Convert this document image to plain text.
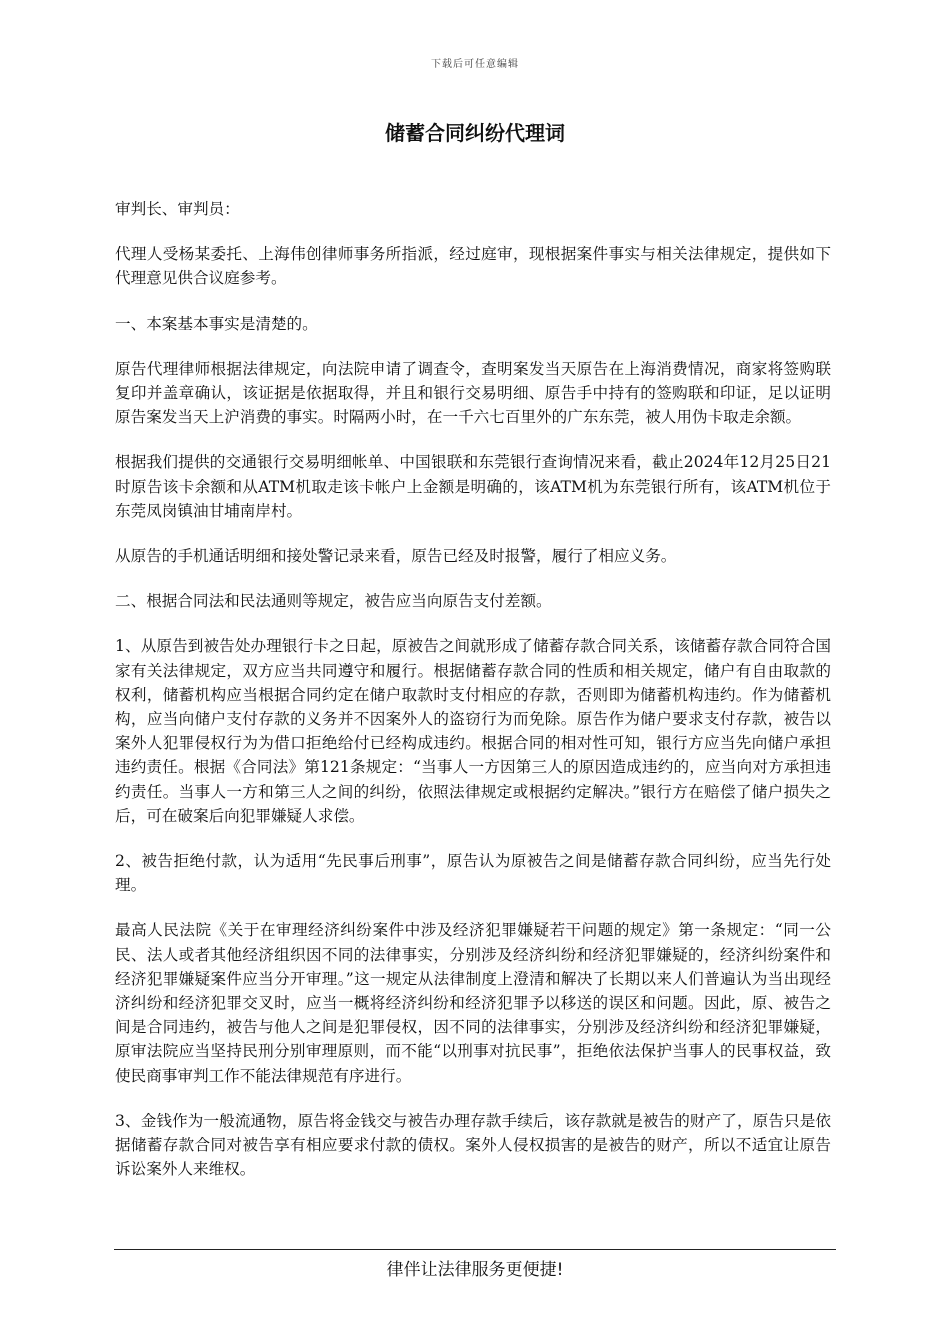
下载后可任意编辑
储蓄合同纠纷代理词

审判长、审判员：

代理人受杨某委托、上海伟创律师事务所指派，经过庭审，现根据案件事实与相关法律规定，提供如下代理意见供合议庭参考。

一、本案基本事实是清楚的。

原告代理律师根据法律规定，向法院申请了调查令，查明案发当天原告在上海消费情况，商家将签购联复印并盖章确认，该证据是依据取得，并且和银行交易明细、原告手中持有的签购联和印证，足以证明原告案发当天上沪消费的事实。时隔两小时，在一千六七百里外的广东东莞，被人用伪卡取走余额。

根据我们提供的交通银行交易明细帐单、中国银联和东莞银行查询情况来看，截止2024年12月25日21时原告该卡余额和从ATM机取走该卡帐户上金额是明确的，该ATM机为东莞银行所有，该ATM机位于东莞凤岗镇油甘埔南岸村。

从原告的手机通话明细和接处警记录来看，原告已经及时报警，履行了相应义务。

二、根据合同法和民法通则等规定，被告应当向原告支付差额。

1、从原告到被告处办理银行卡之日起，原被告之间就形成了储蓄存款合同关系，该储蓄存款合同符合国家有关法律规定，双方应当共同遵守和履行。根据储蓄存款合同的性质和相关规定，储户有自由取款的权利，储蓄机构应当根据合同约定在储户取款时支付相应的存款，否则即为储蓄机构违约。作为储蓄机构，应当向储户支付存款的义务并不因案外人的盗窃行为而免除。原告作为储户要求支付存款，被告以案外人犯罪侵权行为为借口拒绝给付已经构成违约。根据合同的相对性可知，银行方应当先向储户承担违约责任。根据《合同法》第121条规定：“当事人一方因第三人的原因造成违约的，应当向对方承担违约责任。当事人一方和第三人之间的纠纷，依照法律规定或根据约定解决。”银行方在赔偿了储户损失之后，可在破案后向犯罪嫌疑人求偿。

2、被告拒绝付款，认为适用“先民事后刑事”，原告认为原被告之间是储蓄存款合同纠纷，应当先行处理。

最高人民法院《关于在审理经济纠纷案件中涉及经济犯罪嫌疑若干问题的规定》第一条规定：“同一公民、法人或者其他经济组织因不同的法律事实，分别涉及经济纠纷和经济犯罪嫌疑的，经济纠纷案件和经济犯罪嫌疑案件应当分开审理。”这一规定从法律制度上澄清和解决了长期以来人们普遍认为当出现经济纠纷和经济犯罪交叉时，应当一概将经济纠纷和经济犯罪予以移送的误区和问题。因此，原、被告之间是合同违约，被告与他人之间是犯罪侵权，因不同的法律事实，分别涉及经济纠纷和经济犯罪嫌疑，原审法院应当坚持民刑分别审理原则，而不能“以刑事对抗民事”，拒绝依法保护当事人的民事权益，致使民商事审判工作不能法律规范有序进行。

3、金钱作为一般流通物，原告将金钱交与被告办理存款手续后，该存款就是被告的财产了，原告只是依据储蓄存款合同对被告享有相应要求付款的债权。案外人侵权损害的是被告的财产，所以不适宜让原告诉讼案外人来维权。

律伴让法律服务更便捷!
